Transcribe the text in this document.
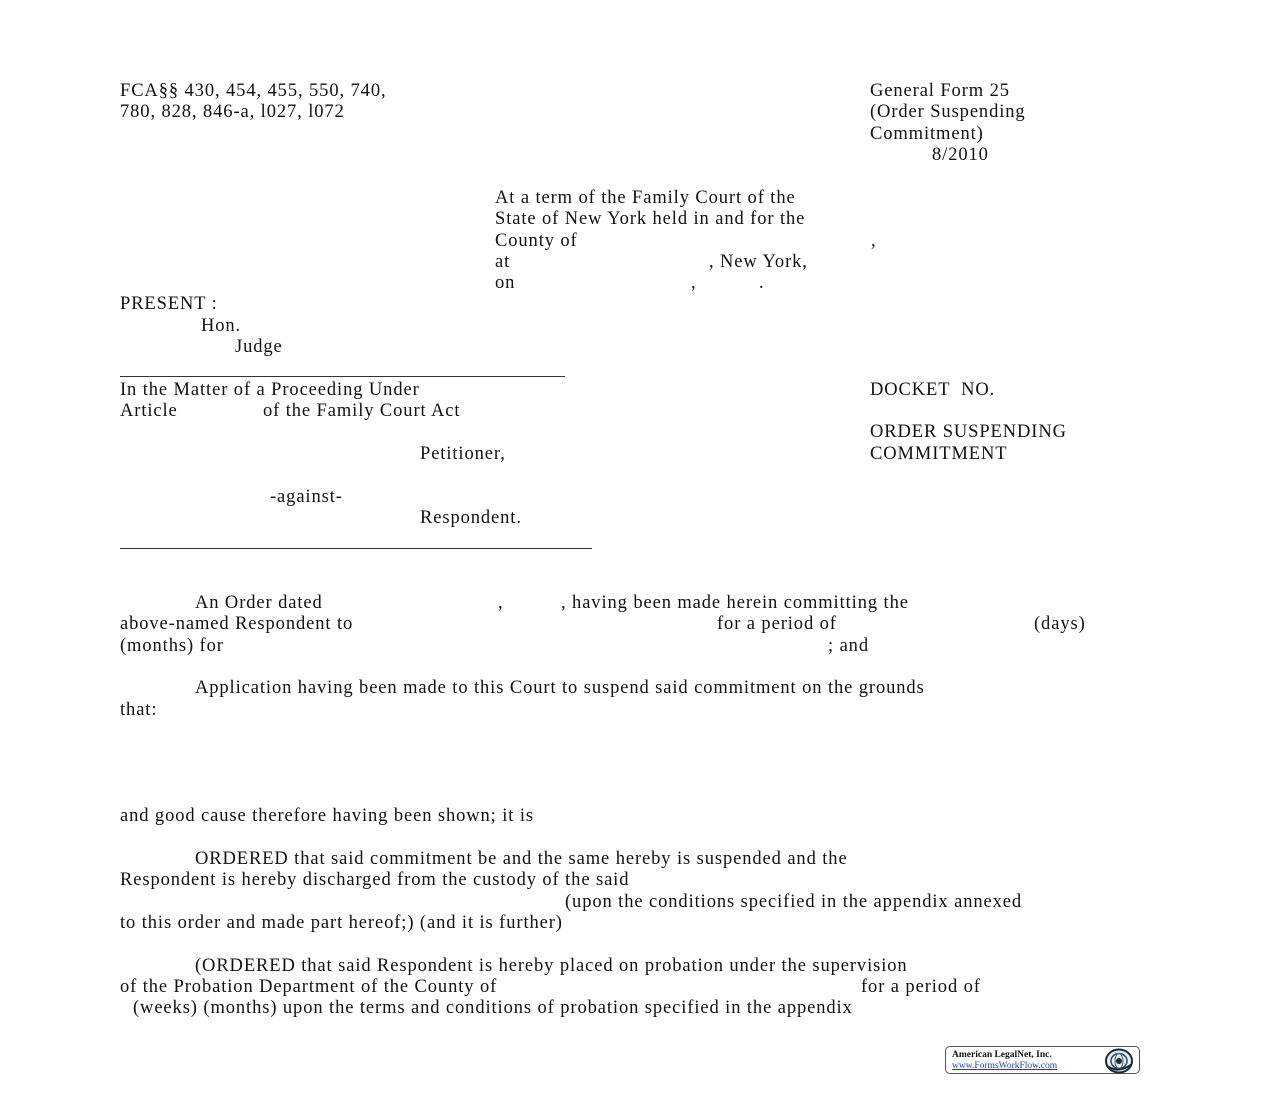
FCA§§ 430, 454, 455, 550, 740,
780, 828, 846-a, l027, l072
General Form 25
(Order Suspending
Commitment)
8/2010
At a term of the Family Court of the
State of New York held in and for the
County of	,
at	, New York,
on	,	.
PRESENT :
Hon.
Judge
In the Matter of a Proceeding Under
Article	of the Family Court Act
Petitioner,
-against-
Respondent.
DOCKET  NO.
ORDER SUSPENDING
COMMITMENT
An Order dated	,	, having been made herein committing the
above-named Respondent to	for a period of	(days)
(months) for	; and
Application having been made to this Court to suspend said commitment on the grounds
that:
and good cause therefore having been shown; it is
ORDERED that said commitment be and the same hereby is suspended and the
Respondent is hereby discharged from the custody of the said
(upon the conditions specified in the appendix annexed
to this order and made part hereof;) (and it is further)
(ORDERED that said Respondent is hereby placed on probation under the supervision
of the Probation Department of the County of	for a period of
(weeks) (months) upon the terms and conditions of probation specified in the appendix
American LegalNet, Inc.
www.FormsWorkFlow.com
